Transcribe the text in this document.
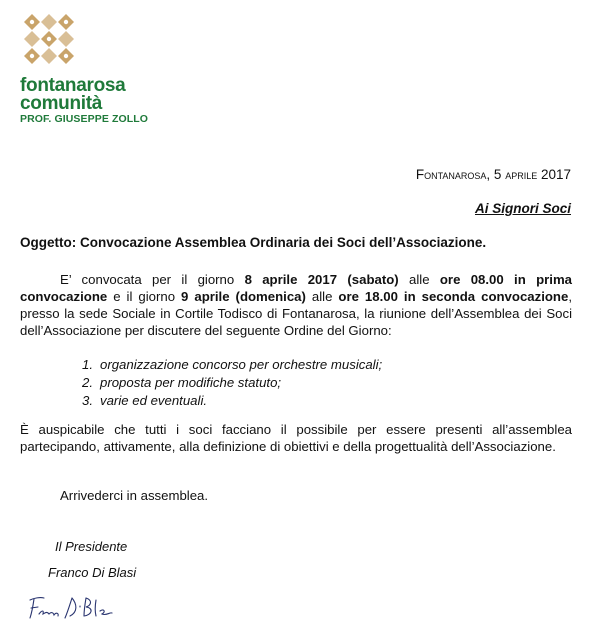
fontanarosa
comunità
PROF. GIUSEPPE ZOLLO
Fontanarosa, 5 aprile 2017
Ai Signori Soci
Oggetto: Convocazione Assemblea Ordinaria dei Soci dell’Associazione.
E’ convocata per il giorno 8 aprile 2017 (sabato) alle ore 08.00 in prima convocazione e il giorno 9 aprile (domenica) alle ore 18.00 in seconda convocazione, presso la sede Sociale in Cortile Todisco di Fontanarosa, la riunione dell’Assemblea dei Soci dell’Associazione per discutere del seguente Ordine del Giorno:
1. organizzazione concorso per orchestre musicali;
2. proposta per modifiche statuto;
3. varie ed eventuali.
È auspicabile che tutti i soci facciano il possibile per essere presenti all’assemblea partecipando, attivamente, alla definizione di obiettivi e della progettualità dell’Associazione.
Arrivederci in assemblea.
Il Presidente
Franco Di Blasi
